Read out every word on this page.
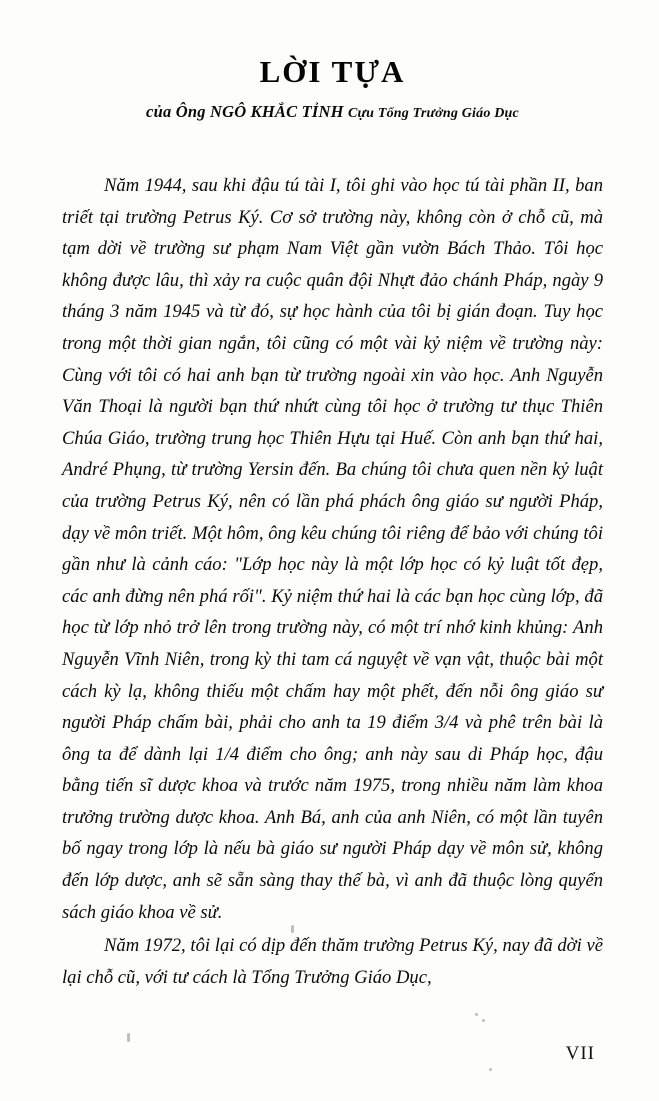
LỜI TỰA
của Ông NGÔ KHẮC TỈNH Cựu Tổng Trưởng Giáo Dục

Năm 1944, sau khi đậu tú tài I, tôi ghi vào học tú tài phần II, ban triết tại trường Petrus Ký. Cơ sở trường này, không còn ở chỗ cũ, mà tạm dời về trường sư phạm Nam Việt gần vườn Bách Thảo. Tôi học không được lâu, thì xảy ra cuộc quân đội Nhựt đảo chánh Pháp, ngày 9 tháng 3 năm 1945 và từ đó, sự học hành của tôi bị gián đoạn. Tuy học trong một thời gian ngắn, tôi cũng có một vài kỷ niệm về trường này: Cùng với tôi có hai anh bạn từ trường ngoài xin vào học. Anh Nguyễn Văn Thoại là người bạn thứ nhứt cùng tôi học ở trường tư thục Thiên Chúa Giáo, trường trung học Thiên Hựu tại Huế. Còn anh bạn thứ hai, André Phụng, từ trường Yersin đến. Ba chúng tôi chưa quen nền kỷ luật của trường Petrus Ký, nên có lần phá phách ông giáo sư người Pháp, dạy về môn triết. Một hôm, ông kêu chúng tôi riêng để bảo với chúng tôi gần như là cảnh cáo: "Lớp học này là một lớp học có kỷ luật tốt đẹp, các anh đừng nên phá rối". Kỷ niệm thứ hai là các bạn học cùng lớp, đã học từ lớp nhỏ trở lên trong trường này, có một trí nhớ kinh khủng: Anh Nguyễn Vĩnh Niên, trong kỳ thi tam cá nguyệt về vạn vật, thuộc bài một cách kỳ lạ, không thiếu một chấm hay một phết, đến nỗi ông giáo sư người Pháp chấm bài, phải cho anh ta 19 điểm 3/4 và phê trên bài là ông ta để dành lại 1/4 điểm cho ông; anh này sau di Pháp học, đậu bằng tiến sĩ dược khoa và trước năm 1975, trong nhiều năm làm khoa trưởng trường dược khoa. Anh Bá, anh của anh Niên, có một lần tuyên bố ngay trong lớp là nếu bà giáo sư người Pháp dạy về môn sử, không đến lớp dược, anh sẽ sẵn sàng thay thế bà, vì anh đã thuộc lòng quyển sách giáo khoa về sử.

Năm 1972, tôi lại có dịp đến thăm trường Petrus Ký, nay đã dời về lại chỗ cũ, với tư cách là Tổng Trưởng Giáo Dục,

VII
